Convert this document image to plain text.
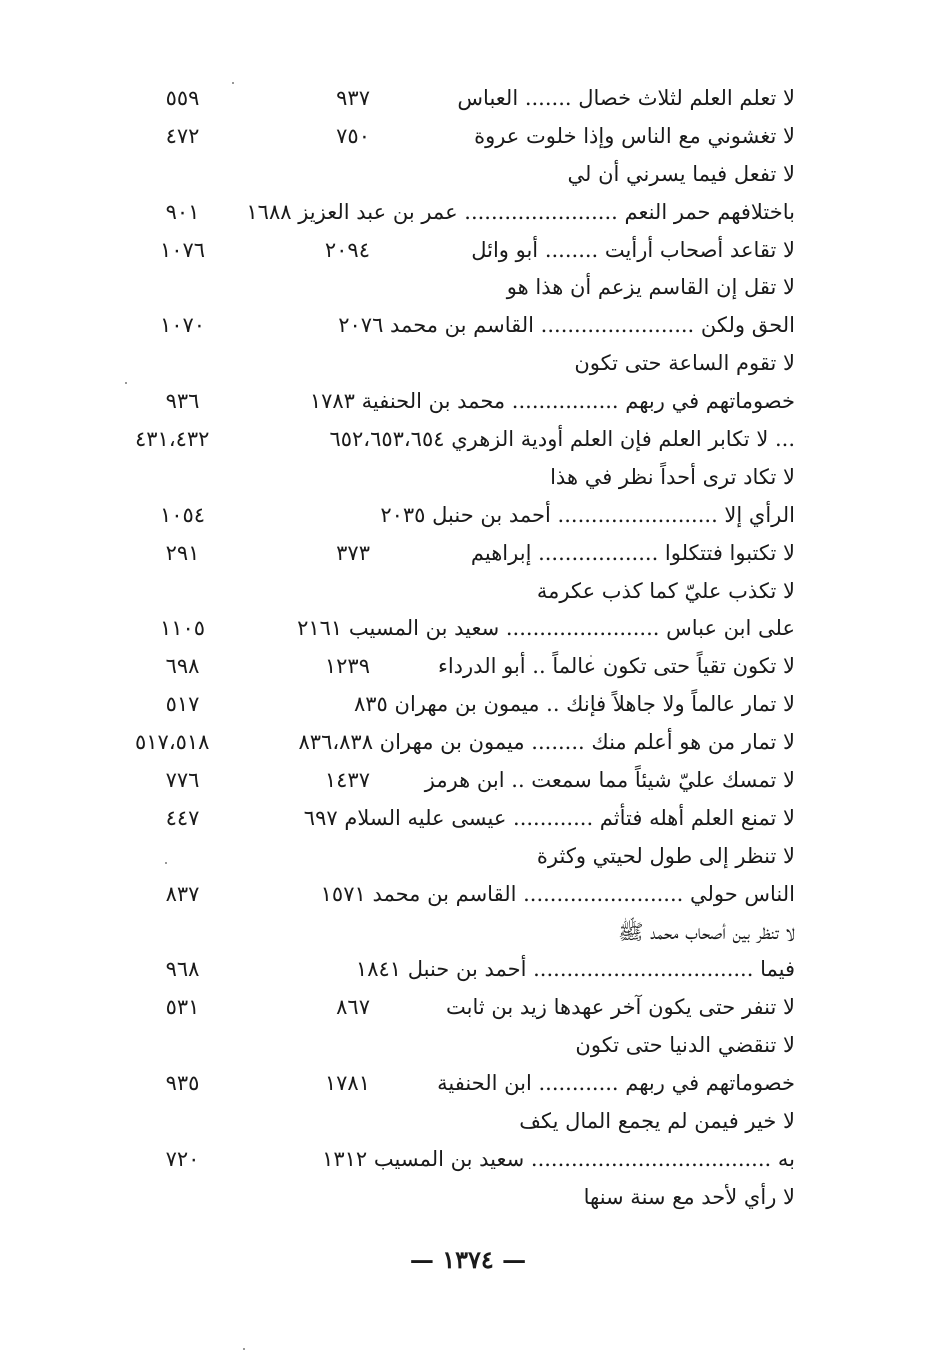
لا تعلم العلم لثلاث خصال ....... العباس
٩٣٧
٥٥٩
لا تغشوني مع الناس وإذا خلوت عروة
٧٥٠
٤٧٢
لا تفعل فيما يسرني أن لي
باختلافهم حمر النعم ....................... عمر بن عبد العزيز ١٦٨٨
٩٠١
لا تقاعد أصحاب أرأيت ........ أبو وائل
٢٠٩٤
١٠٧٦
لا تقل إن القاسم يزعم أن هذا هو
الحق ولكن ....................... القاسم بن محمد ٢٠٧٦
١٠٧٠
لا تقوم الساعة حتى تكون
خصوماتهم في ربهم ................ محمد بن الحنفية ١٧٨٣
٩٣٦
... لا تكابر العلم فإن العلم أودية الزهري ٦٥٢،٦٥٣،٦٥٤
٤٣١،٤٣٢
لا تكاد ترى أحداً نظر في هذا
الرأي إلا ........................ أحمد بن حنبل ٢٠٣٥
١٠٥٤
لا تكتبوا فتتكلوا .................. إبراهيم
٣٧٣
٢٩١
لا تكذب عليّ كما كذب عكرمة
على ابن عباس ....................... سعيد بن المسيب ٢١٦١
١١٠٥
لا تكون تقياً حتى تكون عالماً .. أبو الدرداء
١٢٣٩
٦٩٨
لا تمار عالماً ولا جاهلاً فإنك .. ميمون بن مهران ٨٣٥
٥١٧
لا تمار من هو أعلم منك ........ ميمون بن مهران ٨٣٦،٨٣٨
٥١٧،٥١٨
لا تمسك عليّ شيئاً مما سمعت .. ابن هرمز
١٤٣٧
٧٧٦
لا تمنع العلم أهله فتأثم ............ عيسى عليه السلام ٦٩٧
٤٤٧
لا تنظر إلى طول لحيتي وكثرة
الناس حولي ........................ القاسم بن محمد ١٥٧١
٨٣٧
لا تنظر بين أصحاب محمد ﷺ
فيما ................................. أحمد بن حنبل ١٨٤١
٩٦٨
لا تنفر حتى يكون آخر عهدها زيد بن ثابت
٨٦٧
٥٣١
لا تنقضي الدنيا حتى تكون
خصوماتهم في ربهم ............ ابن الحنفية
١٧٨١
٩٣٥
لا خير فيمن لم يجمع المال يكف
به .................................... سعيد بن المسيب ١٣١٢
٧٢٠
لا رأي لأحد مع سنة سنها
— ١٣٧٤ —
